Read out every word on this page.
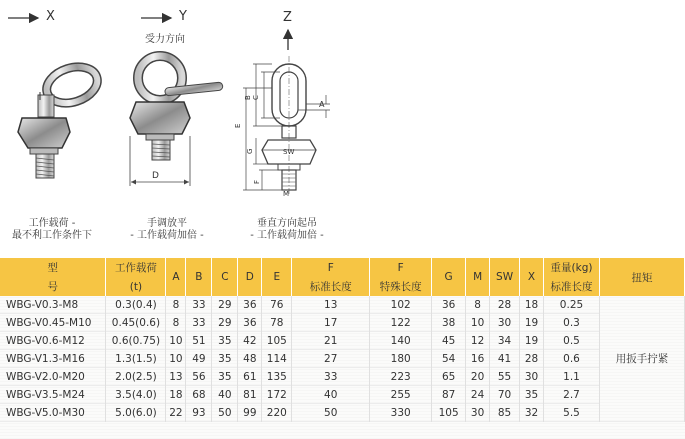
D
A
B C
E
F
G	SW
M
X	Y
受力方向
Z
工作载荷 -
最不利工作条件下
手调放平
- 工作载荷加倍 -
垂直方向起吊
- 工作载荷加倍 -
型	工作载荷	A	B	C	D	E	F	F	G	M	SW	X	重量(kg)	扭矩
号	(t)						标准长度	特殊长度					标准长度	
WBG-V0.3-M8	0.3(0.4)	8	33	29	36	76	13	102	36	8	28	18	0.25	用扳手拧紧
WBG-V0.45-M10	0.45(0.6)	8	33	29	36	78	17	122	38	10	30	19	0.3	
WBG-V0.6-M12	0.6(0.75)	10	51	35	42	105	21	140	45	12	34	19	0.5	
WBG-V1.3-M16	1.3(1.5)	10	49	35	48	114	27	180	54	16	41	28	0.6	
WBG-V2.0-M20	2.0(2.5)	13	56	35	61	135	33	223	65	20	55	30	1.1	
WBG-V3.5-M24	3.5(4.0)	18	68	40	81	172	40	255	87	24	70	35	2.7	
WBG-V5.0-M30	5.0(6.0)	22	93	50	99	220	50	330	105	30	85	32	5.5	
